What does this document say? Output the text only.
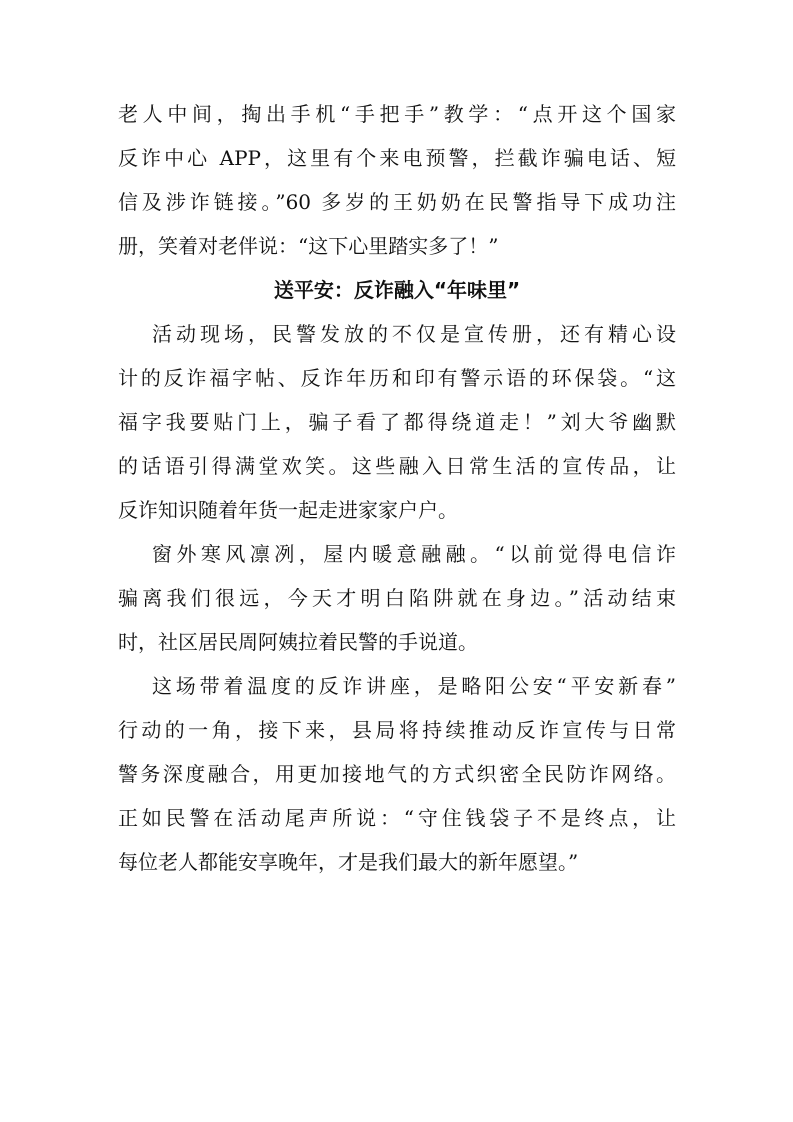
老人中间，掏出手机“手把手”教学：“点开这个国家
反诈中心 APP，这里有个来电预警，拦截诈骗电话、短
信及涉诈链接。”60 多岁的王奶奶在民警指导下成功注
册，笑着对老伴说：“这下心里踏实多了！”
送平安：反诈融入“年味里”
活动现场，民警发放的不仅是宣传册，还有精心设
计的反诈福字帖、反诈年历和印有警示语的环保袋。“这
福字我要贴门上，骗子看了都得绕道走！”刘大爷幽默
的话语引得满堂欢笑。这些融入日常生活的宣传品，让
反诈知识随着年货一起走进家家户户。
窗外寒风凛冽，屋内暖意融融。“以前觉得电信诈
骗离我们很远，今天才明白陷阱就在身边。”活动结束
时，社区居民周阿姨拉着民警的手说道。
这场带着温度的反诈讲座，是略阳公安“平安新春”
行动的一角，接下来，县局将持续推动反诈宣传与日常
警务深度融合，用更加接地气的方式织密全民防诈网络。
正如民警在活动尾声所说：“守住钱袋子不是终点，让
每位老人都能安享晚年，才是我们最大的新年愿望。”
